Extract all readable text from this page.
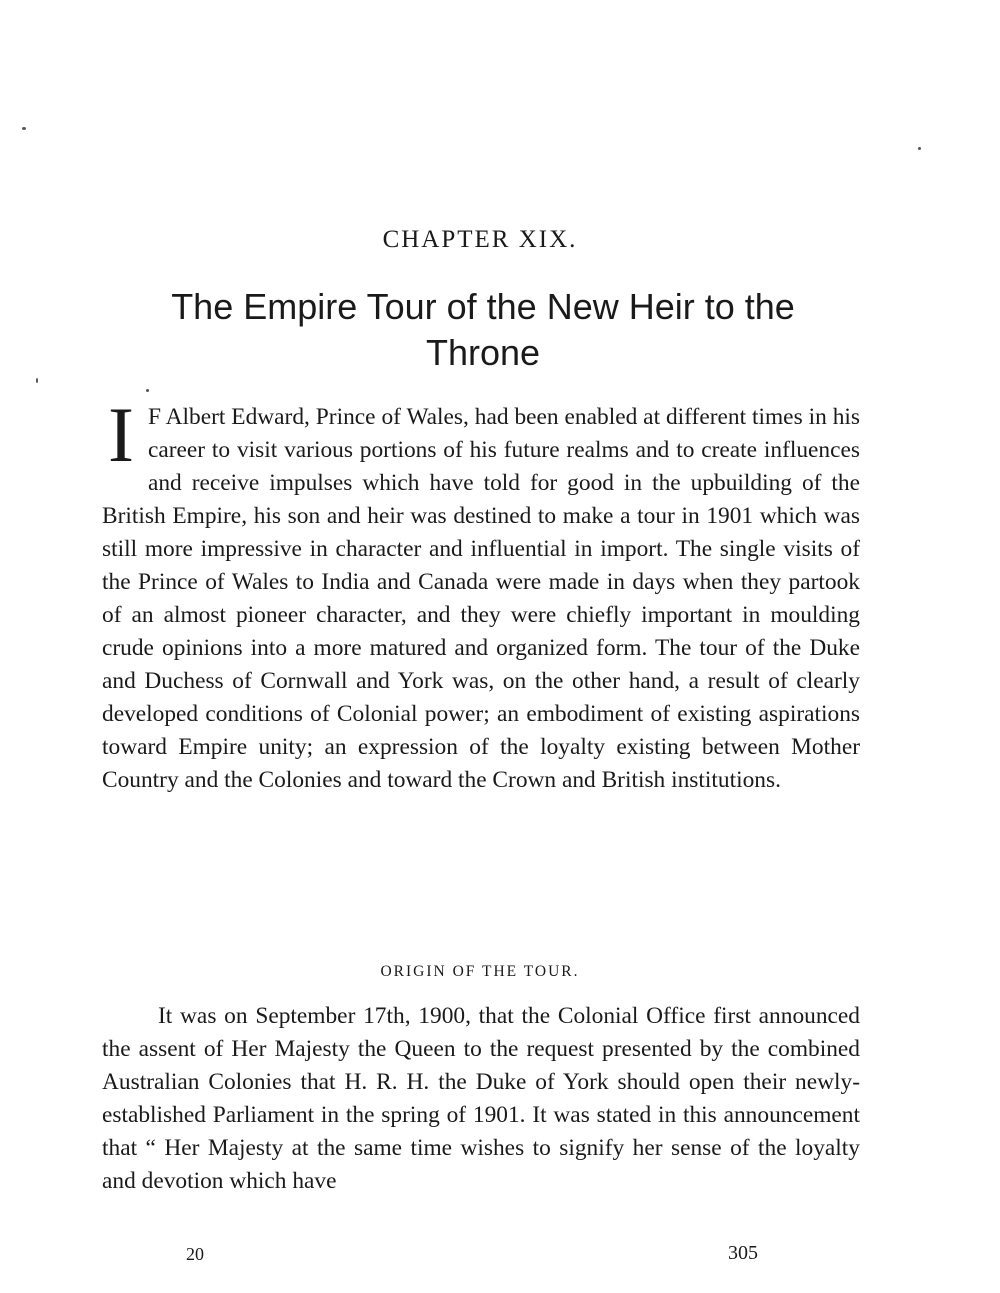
CHAPTER XIX.
The Empire Tour of the New Heir to the Throne

I F Albert Edward, Prince of Wales, had been enabled at different times in his career to visit various portions of his future realms and to create influences and receive impulses which have told for good in the upbuilding of the British Empire, his son and heir was destined to make a tour in 1901 which was still more impressive in character and influential in import. The single visits of the Prince of Wales to India and Canada were made in days when they partook of an almost pioneer character, and they were chiefly important in moulding crude opinions into a more matured and organized form. The tour of the Duke and Duchess of Cornwall and York was, on the other hand, a result of clearly developed conditions of Colonial power; an embodiment of existing aspirations toward Empire unity; an expression of the loyalty existing between Mother Country and the Colonies and toward the Crown and British institutions.

ORIGIN OF THE TOUR.

It was on September 17th, 1900, that the Colonial Office first announced the assent of Her Majesty the Queen to the request presented by the combined Australian Colonies that H. R. H. the Duke of York should open their newly-established Parliament in the spring of 1901. It was stated in this announcement that “ Her Majesty at the same time wishes to signify her sense of the loyalty and devotion which have

20	305
